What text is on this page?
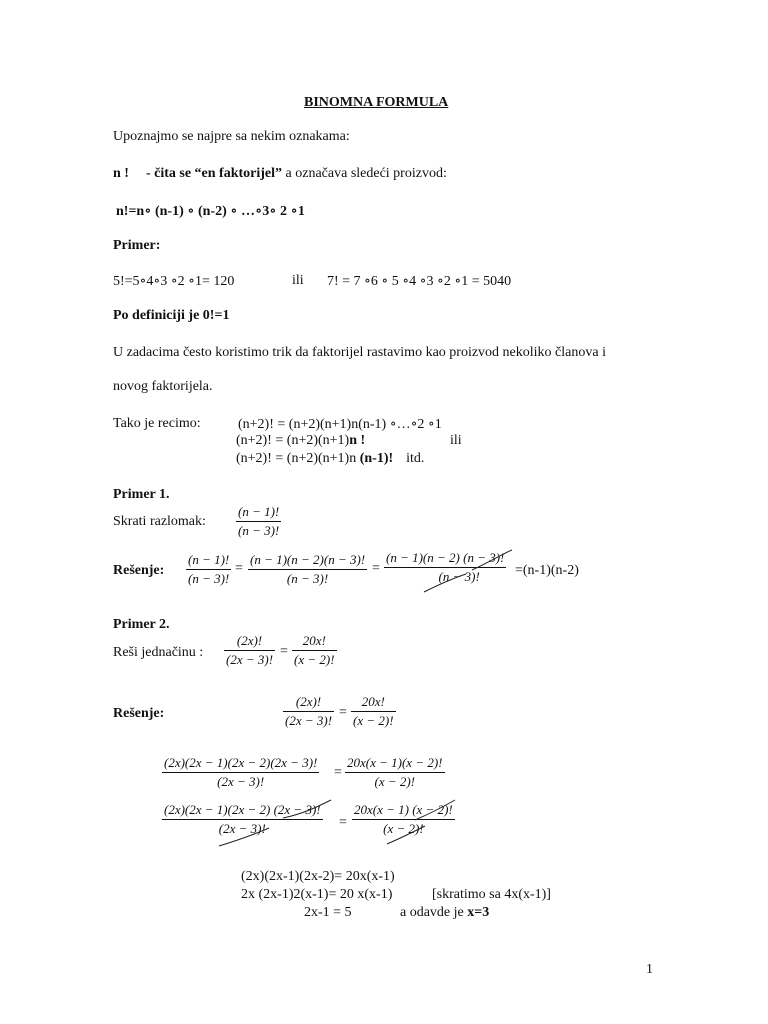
BINOMNA FORMULA
Upoznajmo se najpre sa nekim oznakama:
n ! - čita se “en faktorijel” a označava sledeći proizvod:
n!=n∘ (n-1) ∘ (n-2) ∘ …∘3∘ 2 ∘1
Primer:
5!=5∘4∘3 ∘2 ∘1= 120	ili 7! = 7 ∘6 ∘ 5 ∘4 ∘3 ∘2 ∘1 = 5040
Po definiciji je 0!=1
U zadacima često koristimo trik da faktorijel rastavimo kao proizvod nekoliko članova i
novog faktorijela.
Tako je recimo:	(n+2)! = (n+2)(n+1)n(n-1) ∘…∘2 ∘1
(n+2)! = (n+2)(n+1)n !	ili
(n+2)! = (n+2)(n+1)n (n-1)! itd.
Primer 1.
Skrati razlomak: $\frac{(n - 1)!}{(n - 3)!}$
Rešenje: $\frac{(n - 1)!}{(n - 3)!} = \frac{(n - 1)(n - 2)(n - 3)!}{(n - 3)!} = \frac{(n - 1)(n - 2) (n - 3)!}{(n - 3)!} =(n-1)(n-2)$
Primer 2.
Reši jednačinu : $\frac{(2x)!}{(2x - 3)!} = \frac{20x!}{(x - 2)!}$
Rešenje:	$\frac{(2x)!}{(2x - 3)!} = \frac{20x!}{(x - 2)!}$
$\frac{(2x)(2x - 1)(2x - 2)(2x - 3)!}{(2x - 3)!} = \frac{20x(x - 1)(x - 2)!}{(x - 2)!}$
$\frac{(2x)(2x - 1)(2x - 2) (2x - 3)!}{(2x - 3)!} = \frac{20x(x - 1) (x - 2)!}{(x - 2)!}$
(2x)(2x-1)(2x-2)= 20x(x-1)
2x (2x-1)2(x-1)= 20 x(x-1)	[skratimo sa 4x(x-1)]
2x-1 = 5	a odavde je x=3
1
